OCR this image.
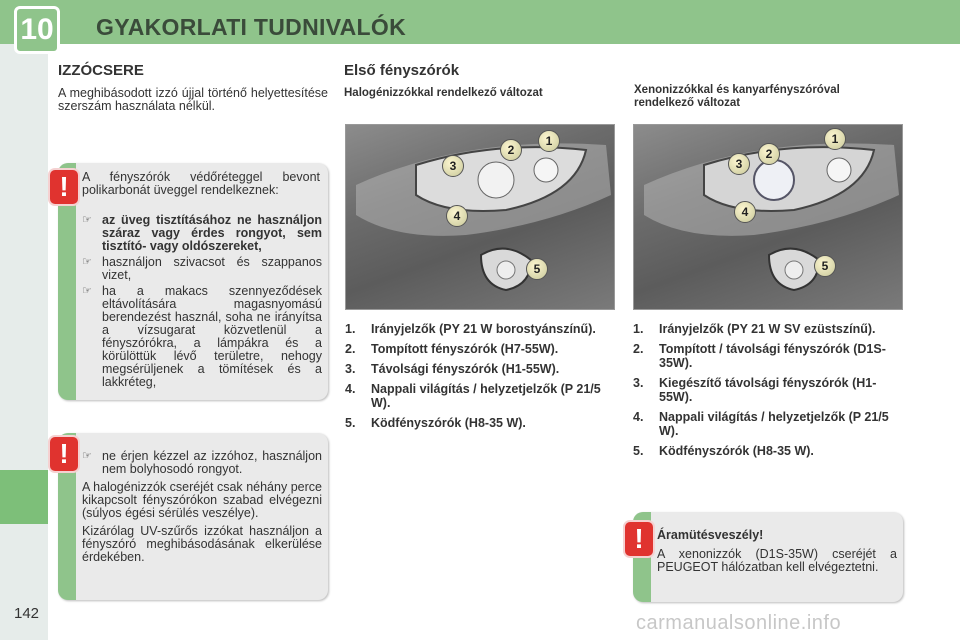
10 GYAKORLATI TUDNIVALÓK
IZZÓCSERE
A meghibásodott izzó újjal történő helyettesítése szerszám használata nélkül.
A fényszórók védőréteggel bevont polikarbonát üveggel rendelkeznek:
☞ az üveg tisztításához ne használjon száraz vagy érdes rongyot, sem tisztító- vagy oldószereket,
☞ használjon szivacsot és szappanos vizet,
☞ ha a makacs szennyeződések eltávolítására magasnyomású berendezést használ, soha ne irányítsa a vízsugarat közvetlenül a fényszórókra, a lámpákra és a körülöttük lévő területre, nehogy megsérüljenek a tömítések és a lakkréteg,
!
☞ ne érjen kézzel az izzóhoz, használjon nem bolyhosodó rongyot.
A halogénizzók cseréjét csak néhány perce kikapcsolt fényszórókon szabad elvégezni (súlyos égési sérülés veszélye).
Kizárólag UV-szűrős izzókat használjon a fényszóró meghibásodásának elkerülése érdekében.
!
Első fényszórók
Halogénizzókkal rendelkező változat	Xenonizzókkal és kanyarfényszóróval rendelkező változat
1
2
3
4
5
1
2
3
4
5
1.	Irányjelzők (PY 21 W borostyánszínű).
2.	Tompított fényszórók (H7-55W).
3.	Távolsági fényszórók (H1-55W).
4.	Nappali világítás / helyzetjelzők (P 21/5 W).
5.	Ködfényszórók (H8-35 W).
1.	Irányjelzők (PY 21 W SV ezüstszínű).
2.	Tompított / távolsági fényszórók (D1S-35W).
3.	Kiegészítő távolsági fényszórók (H1-55W).
4.	Nappali világítás / helyzetjelzők (P 21/5 W).
5.	Ködfényszórók (H8-35 W).
Áramütésveszély!
A xenonizzók (D1S-35W) cseréjét a PEUGEOT hálózatban kell elvégeztetni.
!
142	carmanualsonline.info
